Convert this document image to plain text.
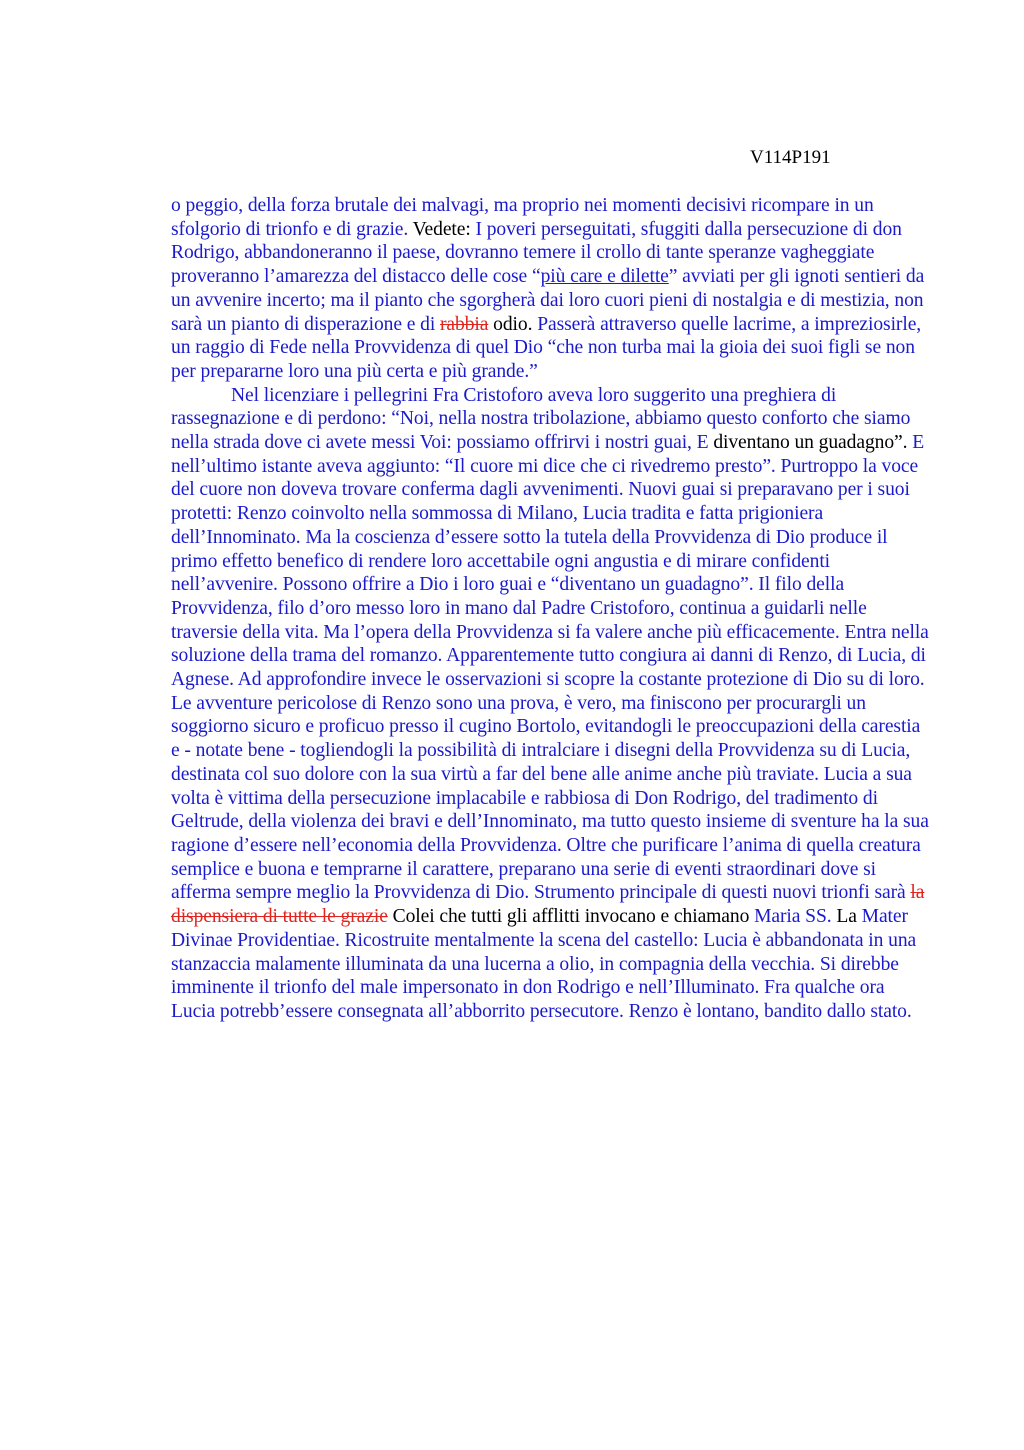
V114P191

o peggio, della forza brutale dei malvagi, ma proprio nei momenti decisivi ricompare in un sfolgorio di trionfo e di grazie. Vedete: I poveri perseguitati, sfuggiti dalla persecuzione di don Rodrigo, abbandoneranno il paese, dovranno temere il crollo di tante speranze vagheggiate proveranno l’amarezza del distacco delle cose “più care e dilette” avviati per gli ignoti sentieri da un avvenire incerto; ma il pianto che sgorgherà dai loro cuori pieni di nostalgia e di mestizia, non sarà un pianto di disperazione e di rabbia odio. Passerà attraverso quelle lacrime, a impreziosirle, un raggio di Fede nella Provvidenza di quel Dio “che non turba mai la gioia dei suoi figli se non per prepararne loro una più certa e più grande.”

Nel licenziare i pellegrini Fra Cristoforo aveva loro suggerito una preghiera di rassegnazione e di perdono: “Noi, nella nostra tribolazione, abbiamo questo conforto che siamo nella strada dove ci avete messi Voi: possiamo offrirvi i nostri guai, E diventano un guadagno”. E nell’ultimo istante aveva aggiunto: “Il cuore mi dice che ci rivedremo presto”. Purtroppo la voce del cuore non doveva trovare conferma dagli avvenimenti. Nuovi guai si preparavano per i suoi protetti: Renzo coinvolto nella sommossa di Milano, Lucia tradita e fatta prigioniera dell’Innominato. Ma la coscienza d’essere sotto la tutela della Provvidenza di Dio produce il primo effetto benefico di rendere loro accettabile ogni angustia e di mirare confidenti nell’avvenire. Possono offrire a Dio i loro guai e “diventano un guadagno”. Il filo della Provvidenza, filo d’oro messo loro in mano dal Padre Cristoforo, continua a guidarli nelle traversie della vita. Ma l’opera della Provvidenza si fa valere anche più efficacemente. Entra nella soluzione della trama del romanzo. Apparentemente tutto congiura ai danni di Renzo, di Lucia, di Agnese. Ad approfondire invece le osservazioni si scopre la costante protezione di Dio su di loro. Le avventure pericolose di Renzo sono una prova, è vero, ma finiscono per procurargli un soggiorno sicuro e proficuo presso il cugino Bortolo, evitandogli le preoccupazioni della carestia e - notate bene - togliendogli la possibilità di intralciare i disegni della Provvidenza su di Lucia, destinata col suo dolore con la sua virtù a far del bene alle anime anche più traviate. Lucia a sua volta è vittima della persecuzione implacabile e rabbiosa di Don Rodrigo, del tradimento di Geltrude, della violenza dei bravi e dell’Innominato, ma tutto questo insieme di sventure ha la sua ragione d’essere nell’economia della Provvidenza. Oltre che purificare l’anima di quella creatura semplice e buona e temprarne il carattere, preparano una serie di eventi straordinari dove si afferma sempre meglio la Provvidenza di Dio. Strumento principale di questi nuovi trionfi sarà la dispensiera di tutte le grazie Colei che tutti gli afflitti invocano e chiamano Maria SS. La Mater Divinae Providentiae. Ricostruite mentalmente la scena del castello: Lucia è abbandonata in una stanzaccia malamente illuminata da una lucerna a olio, in compagnia della vecchia. Si direbbe imminente il trionfo del male impersonato in don Rodrigo e nell’Illuminato. Fra qualche ora Lucia potrebb’essere consegnata all’abborrito persecutore. Renzo è lontano, bandito dallo stato.
